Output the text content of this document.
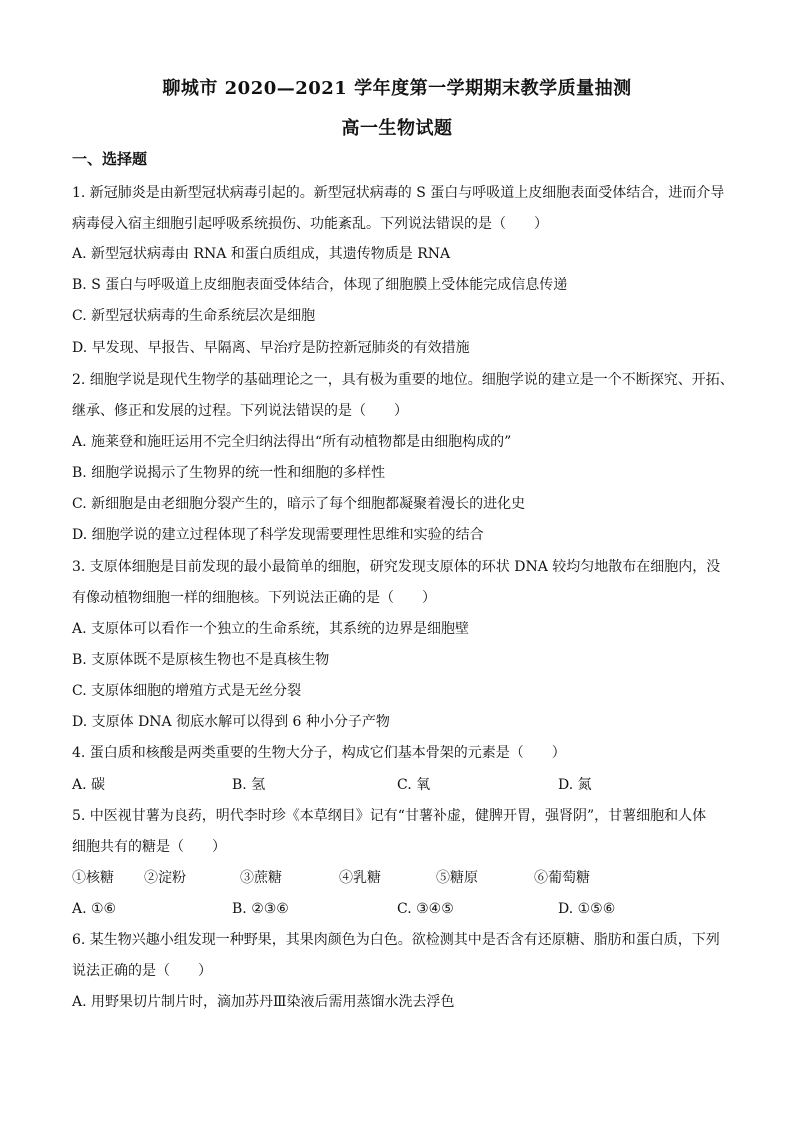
聊城市 2020—2021 学年度第一学期期末教学质量抽测
高一生物试题
一、选择题
1. 新冠肺炎是由新型冠状病毒引起的。新型冠状病毒的 S 蛋白与呼吸道上皮细胞表面受体结合，进而介导
病毒侵入宿主细胞引起呼吸系统损伤、功能紊乱。下列说法错误的是（　　）
A. 新型冠状病毒由 RNA 和蛋白质组成，其遗传物质是 RNA
B. S 蛋白与呼吸道上皮细胞表面受体结合，体现了细胞膜上受体能完成信息传递
C. 新型冠状病毒的生命系统层次是细胞
D. 早发现、早报告、早隔离、早治疗是防控新冠肺炎的有效措施
2. 细胞学说是现代生物学的基础理论之一，具有极为重要的地位。细胞学说的建立是一个不断探究、开拓、
继承、修正和发展的过程。下列说法错误的是（　　）
A. 施莱登和施旺运用不完全归纳法得出“所有动植物都是由细胞构成的”
B. 细胞学说揭示了生物界的统一性和细胞的多样性
C. 新细胞是由老细胞分裂产生的，暗示了每个细胞都凝聚着漫长的进化史
D. 细胞学说的建立过程体现了科学发现需要理性思维和实验的结合
3. 支原体细胞是目前发现的最小最简单的细胞，研究发现支原体的环状 DNA 较均匀地散布在细胞内，没
有像动植物细胞一样的细胞核。下列说法正确的是（　　）
A. 支原体可以看作一个独立的生命系统，其系统的边界是细胞壁
B. 支原体既不是原核生物也不是真核生物
C. 支原体细胞的增殖方式是无丝分裂
D. 支原体 DNA 彻底水解可以得到 6 种小分子产物
4. 蛋白质和核酸是两类重要的生物大分子，构成它们基本骨架的元素是（　　）
A. 碳	B. 氢	C. 氧	D. 氮
5. 中医视甘薯为良药，明代李时珍《本草纲目》记有“甘薯补虚，健脾开胃，强肾阴”，甘薯细胞和人体
细胞共有的糖是（　　）
①核糖 ②淀粉	③蔗糖	④乳糖	⑤糖原	⑥葡萄糖
A. ①⑥	B. ②③⑥	C. ③④⑤	D. ①⑤⑥
6. 某生物兴趣小组发现一种野果，其果肉颜色为白色。欲检测其中是否含有还原糖、脂肪和蛋白质，下列
说法正确的是（　　）
A. 用野果切片制片时，滴加苏丹Ⅲ染液后需用蒸馏水洗去浮色
